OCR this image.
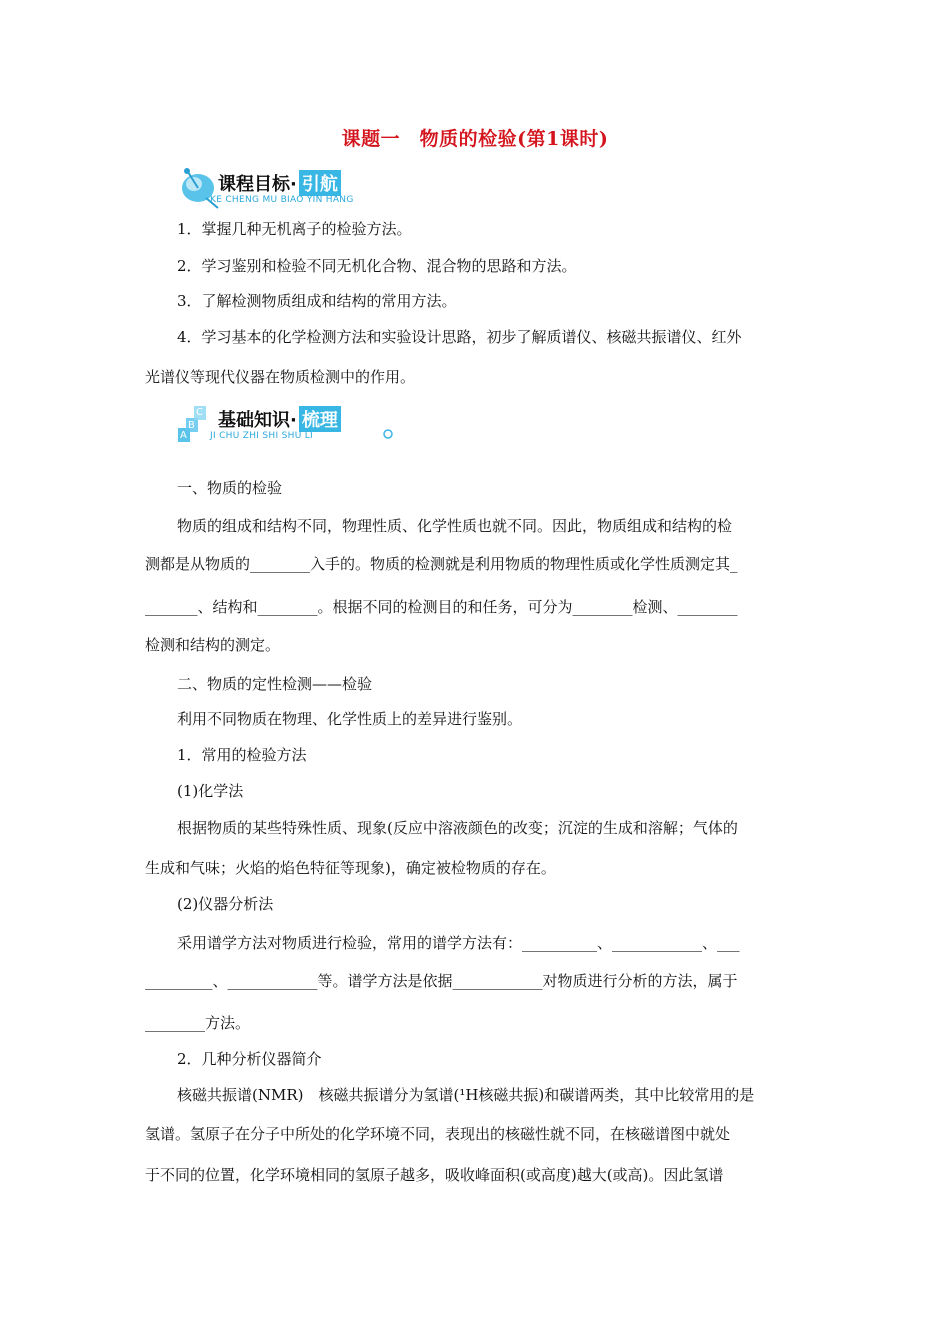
课题一　物质的检验(第1课时)
课程目标· 引航
KE CHENG MU BIAO YIN HANG
1．掌握几种无机离子的检验方法。
2．学习鉴别和检验不同无机化合物、混合物的思路和方法。
3．了解检测物质组成和结构的常用方法。
4．学习基本的化学检测方法和实验设计思路，初步了解质谱仪、核磁共振谱仪、红外
光谱仪等现代仪器在物质检测中的作用。
A
B
C 基础知识· 梳理
JI CHU ZHI SHI SHU LI
一、物质的检验
物质的组成和结构不同，物理性质、化学性质也就不同。因此，物质组成和结构的检
测都是从物质的________入手的。物质的检测就是利用物质的物理性质或化学性质测定其_
_______、结构和________。根据不同的检测目的和任务，可分为________检测、________
检测和结构的测定。
二、物质的定性检测——检验
利用不同物质在物理、化学性质上的差异进行鉴别。
1．常用的检验方法
(1)化学法
根据物质的某些特殊性质、现象(反应中溶液颜色的改变；沉淀的生成和溶解；气体的
生成和气味；火焰的焰色特征等现象)，确定被检物质的存在。
(2)仪器分析法
采用谱学方法对物质进行检验，常用的谱学方法有：__________、____________、___
_________、____________等。谱学方法是依据____________对物质进行分析的方法，属于
________方法。
2．几种分析仪器简介
核磁共振谱(NMR)　核磁共振谱分为氢谱(¹H核磁共振)和碳谱两类，其中比较常用的是
氢谱。氢原子在分子中所处的化学环境不同，表现出的核磁性就不同，在核磁谱图中就处
于不同的位置，化学环境相同的氢原子越多，吸收峰面积(或高度)越大(或高)。因此氢谱
